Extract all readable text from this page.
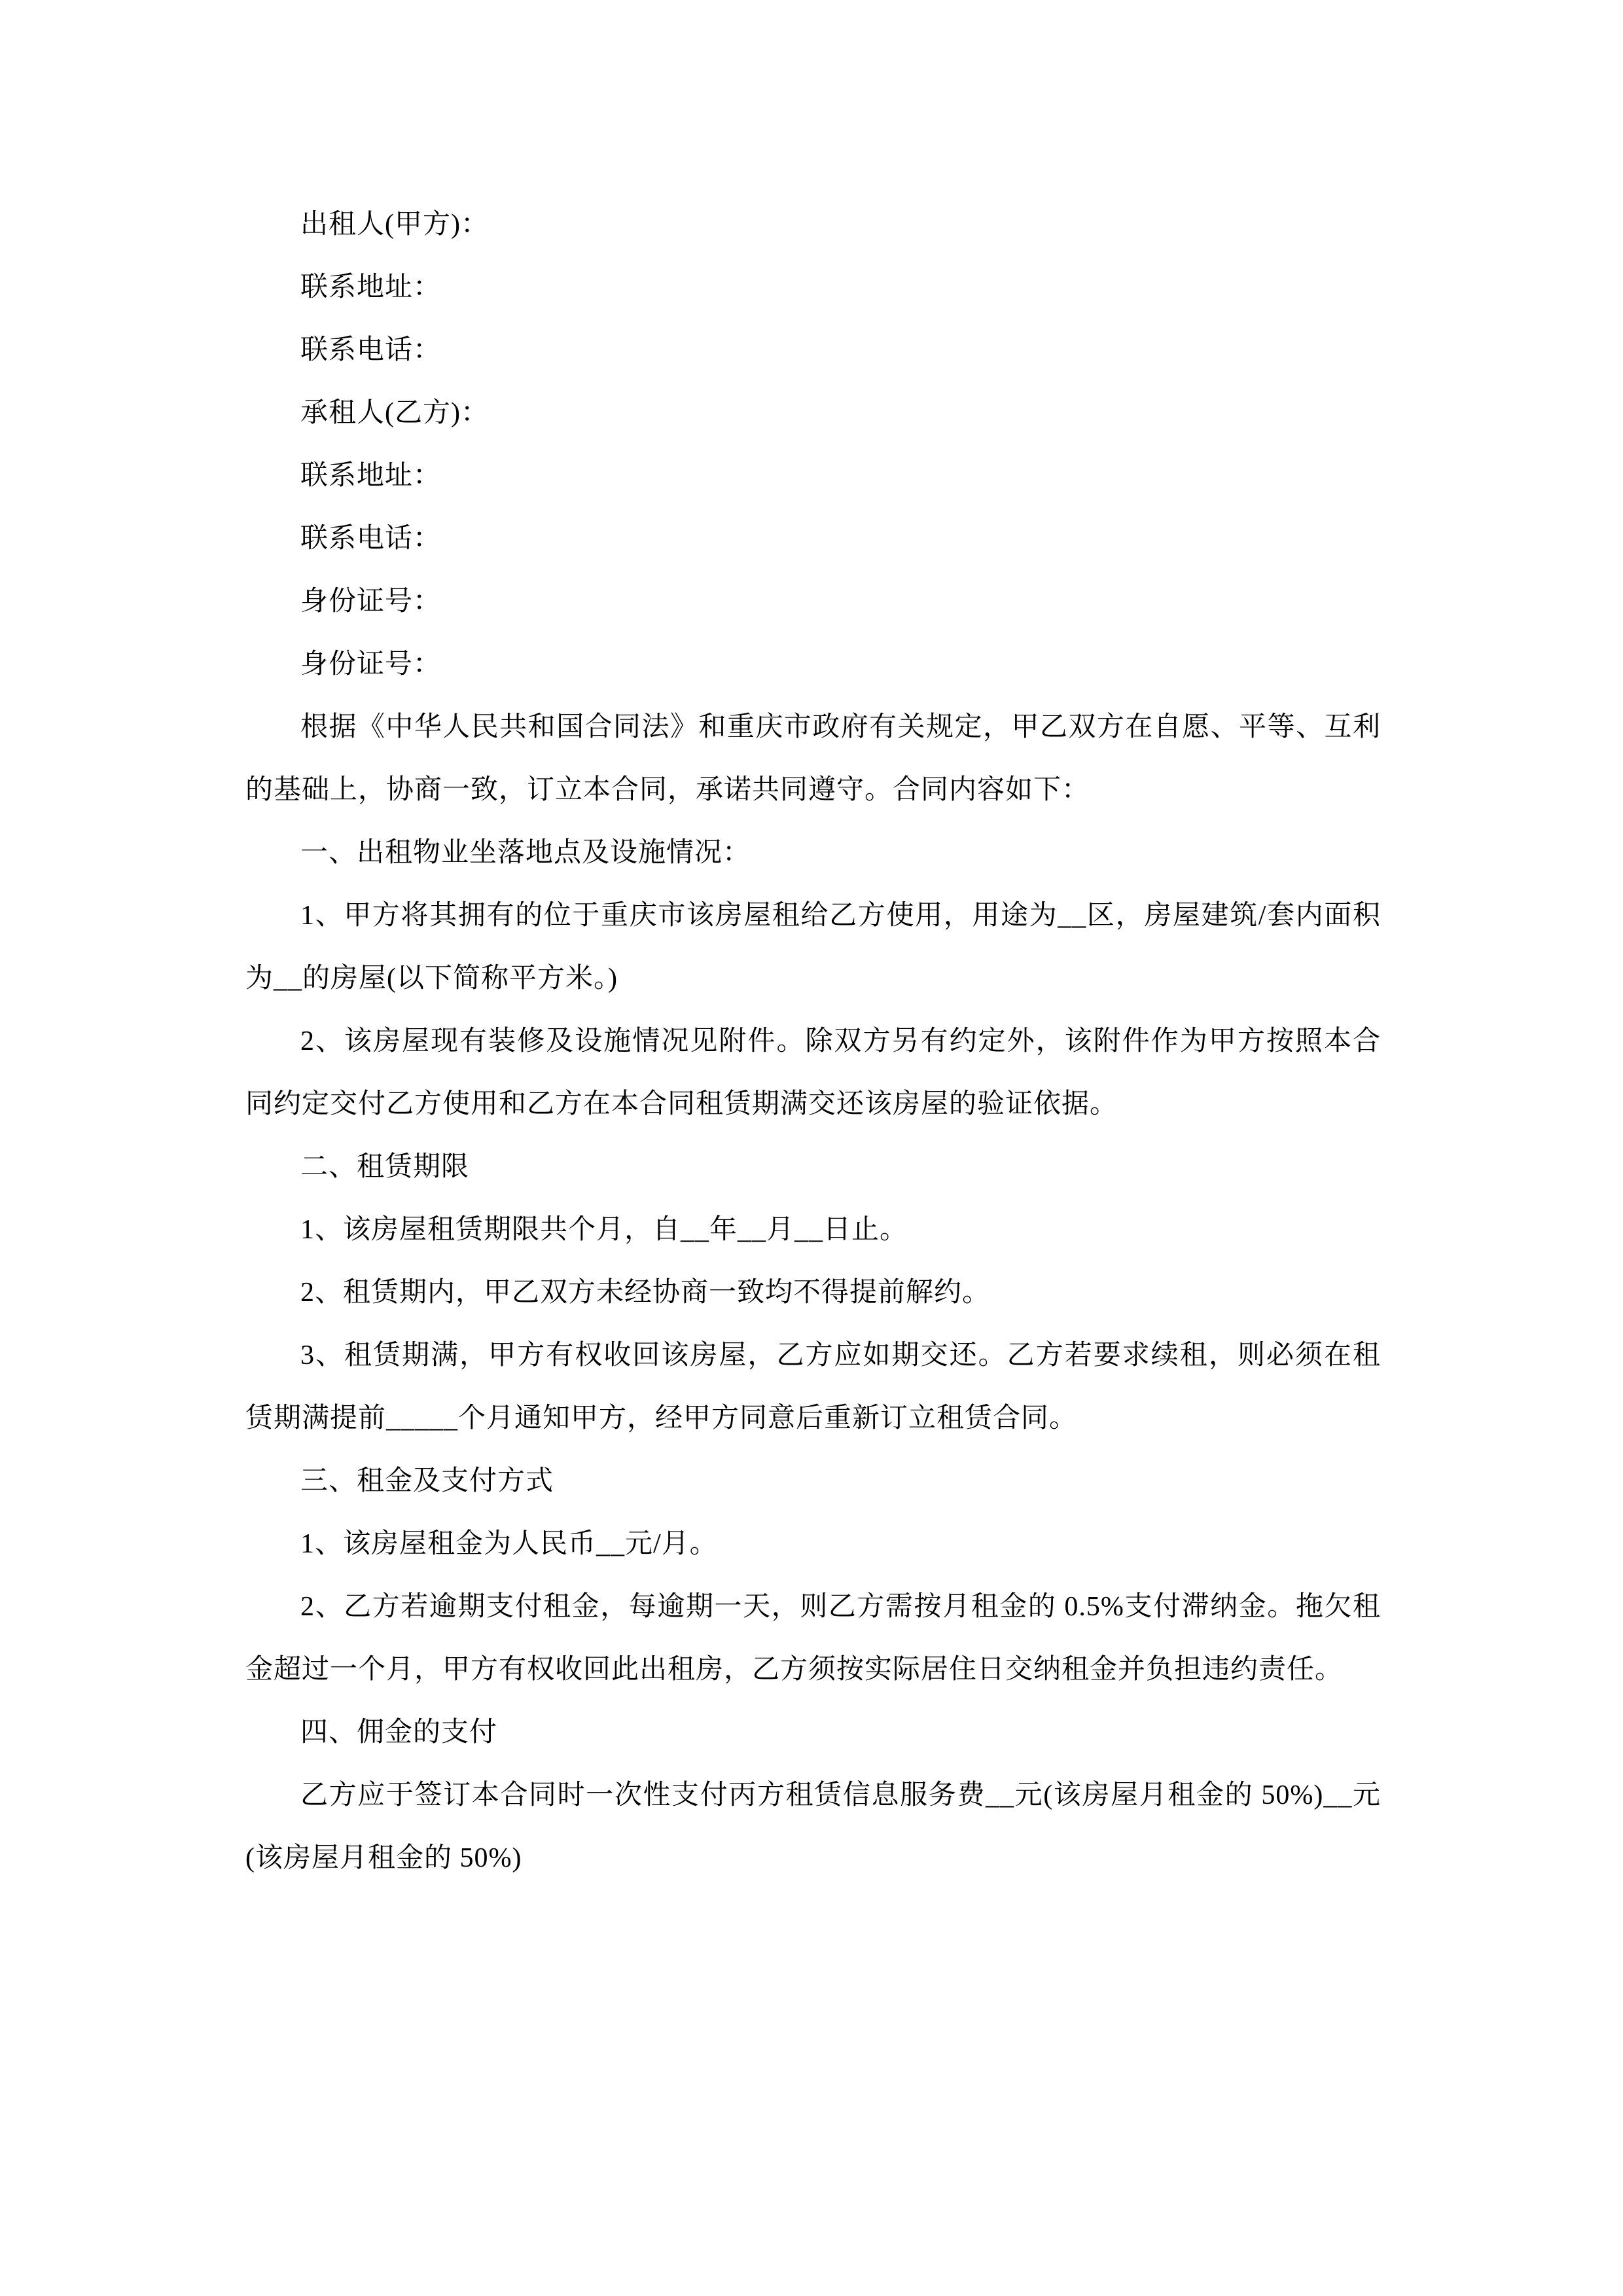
出租人(甲方)：

联系地址：

联系电话：

承租人(乙方)：

联系地址：

联系电话：

身份证号：

身份证号：

根据《中华人民共和国合同法》和重庆市政府有关规定，甲乙双方在自愿、平等、互利的基础上，协商一致，订立本合同，承诺共同遵守。合同内容如下：

一、出租物业坐落地点及设施情况：

1、甲方将其拥有的位于重庆市该房屋租给乙方使用，用途为__区，房屋建筑/套内面积为__的房屋(以下简称平方米。)

2、该房屋现有装修及设施情况见附件。除双方另有约定外，该附件作为甲方按照本合同约定交付乙方使用和乙方在本合同租赁期满交还该房屋的验证依据。

二、租赁期限

1、该房屋租赁期限共个月，自__年__月__日止。

2、租赁期内，甲乙双方未经协商一致均不得提前解约。

3、租赁期满，甲方有权收回该房屋，乙方应如期交还。乙方若要求续租，则必须在租赁期满提前_____个月通知甲方，经甲方同意后重新订立租赁合同。

三、租金及支付方式

1、该房屋租金为人民币__元/月。

2、乙方若逾期支付租金，每逾期一天，则乙方需按月租金的 0.5%支付滞纳金。拖欠租金超过一个月，甲方有权收回此出租房，乙方须按实际居住日交纳租金并负担违约责任。

四、佣金的支付

乙方应于签订本合同时一次性支付丙方租赁信息服务费__元(该房屋月租金的 50%)__元(该房屋月租金的 50%)
